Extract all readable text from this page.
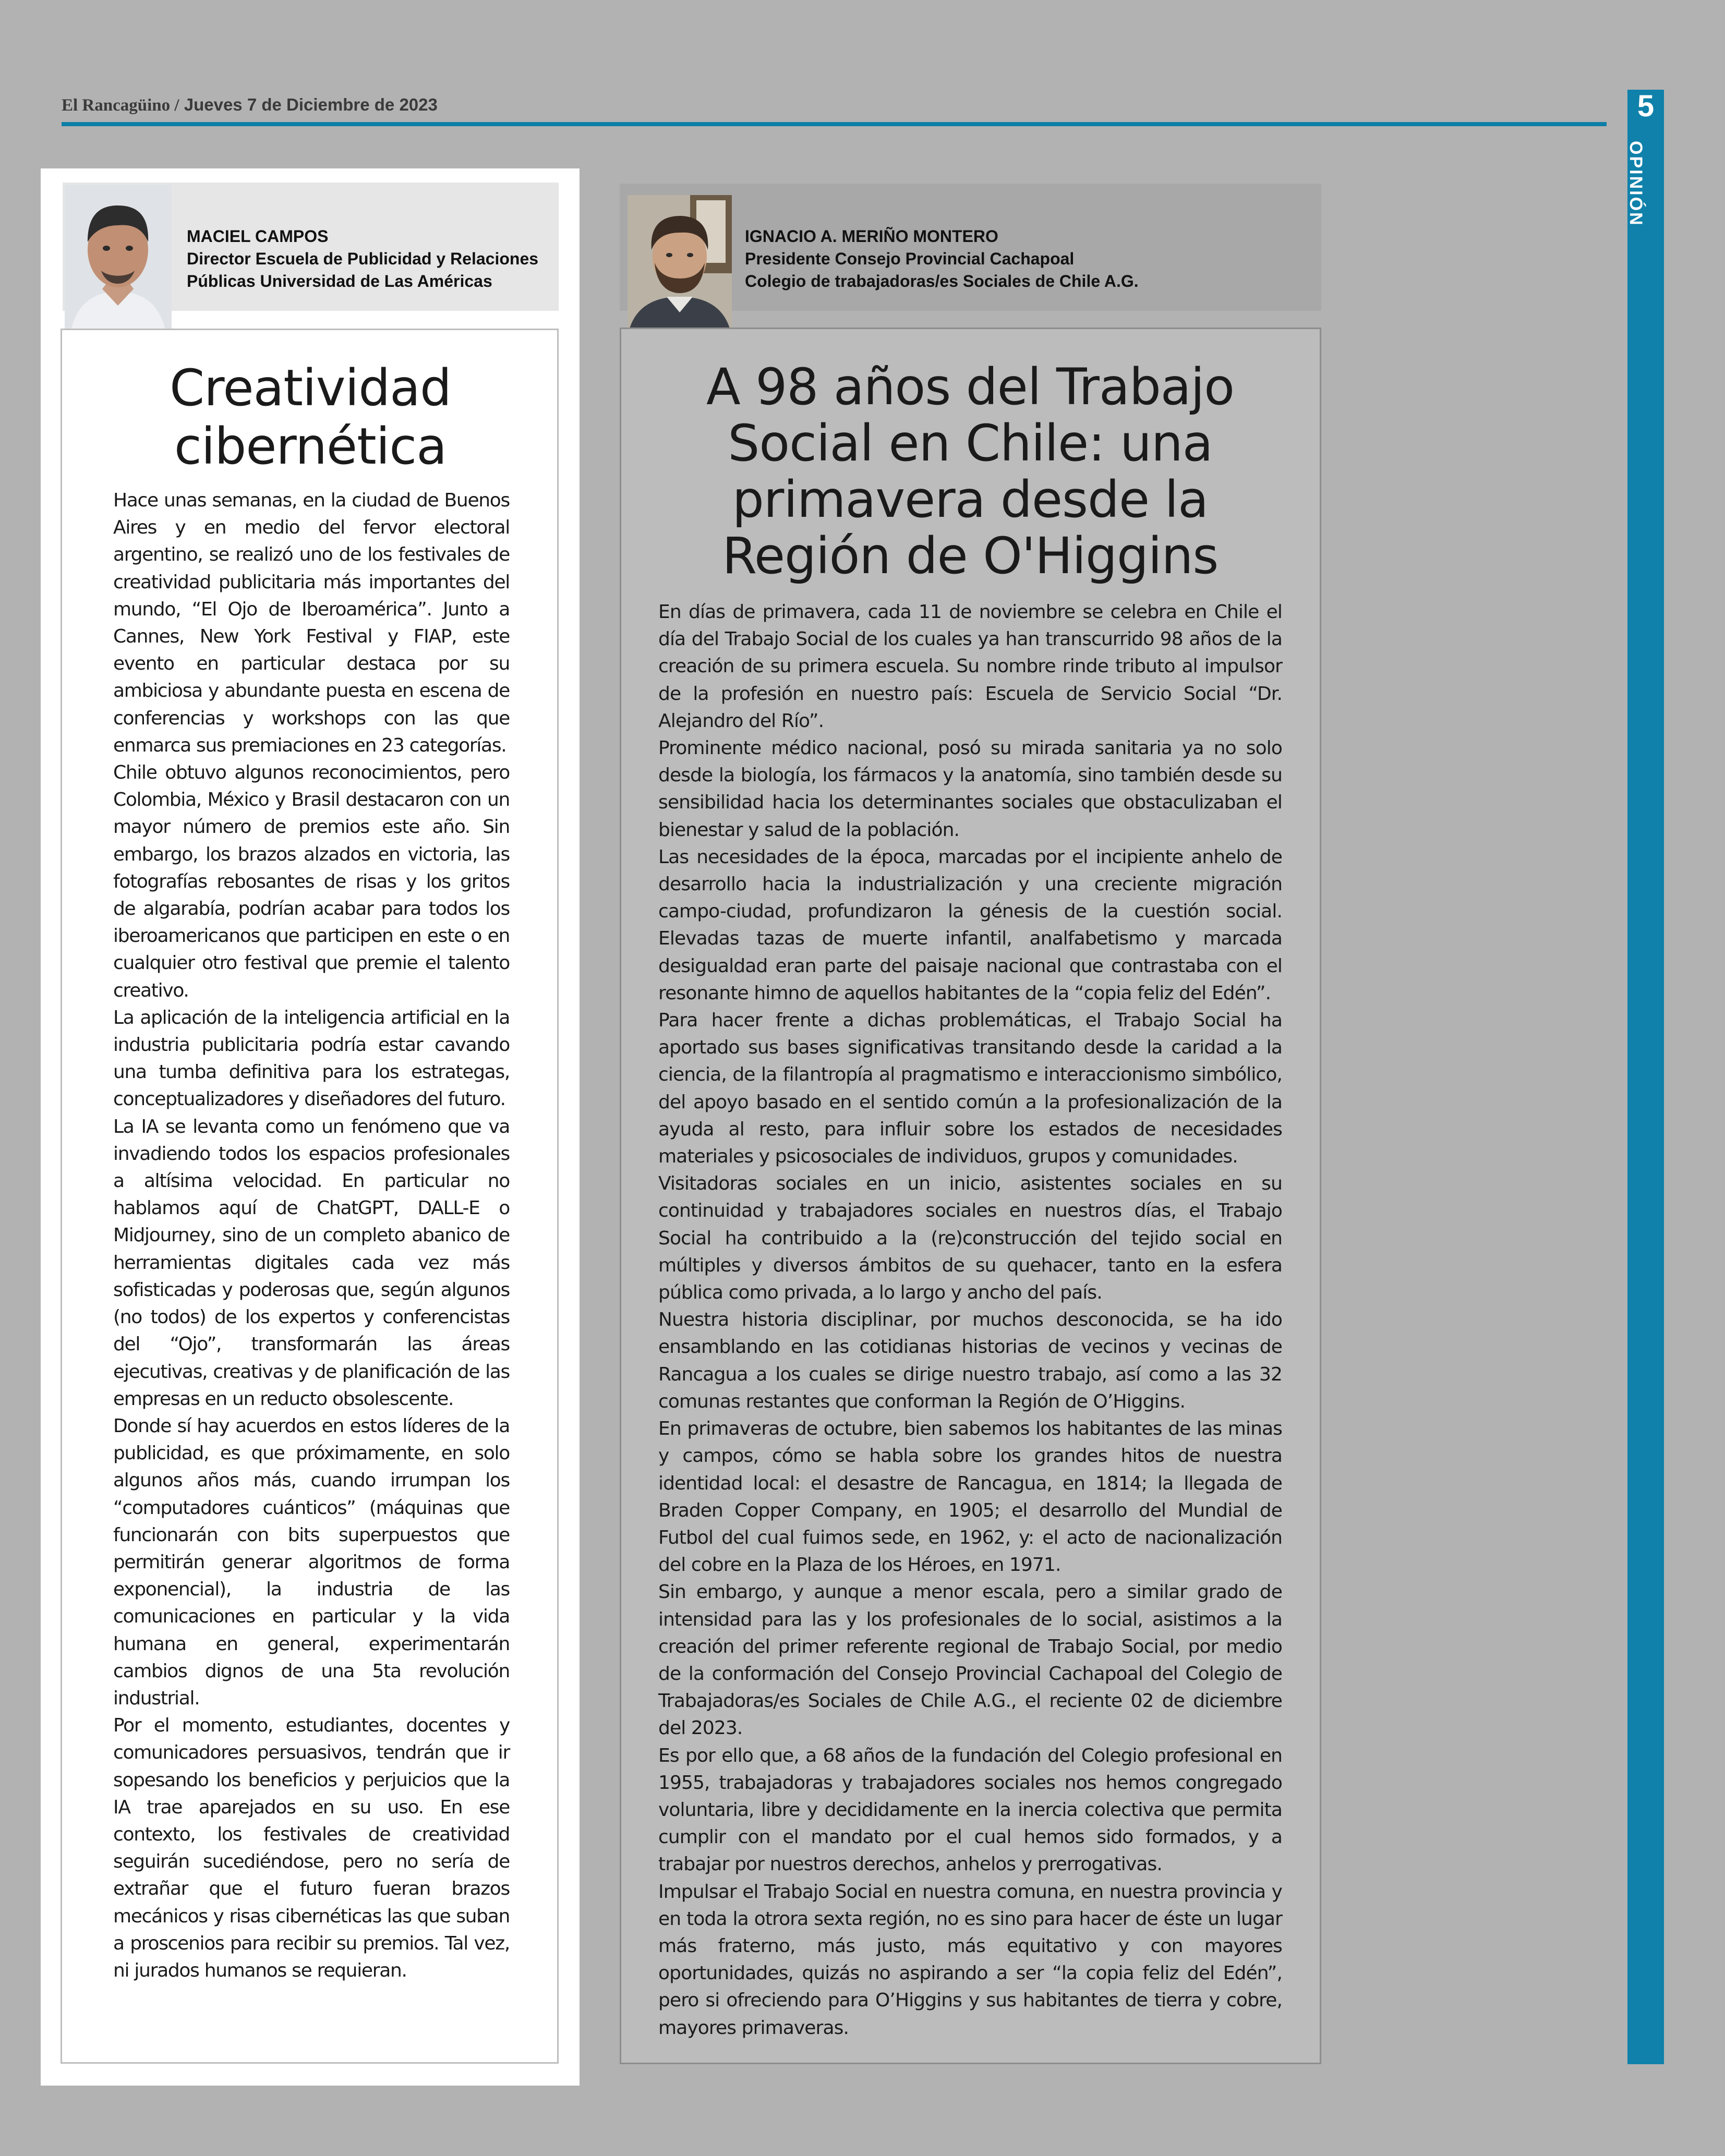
El Rancagüino / Jueves 7 de Diciembre de 2023	5
OPINIÓN
MACIEL CAMPOS
Director Escuela de Publicidad y Relaciones
Públicas Universidad de Las Américas
Creatividad
cibernética

Hace unas semanas, en la ciudad de Buenos Aires y en medio del fervor electoral argentino, se realizó uno de los festivales de creatividad publicitaria más importantes del mundo, “El Ojo de Iberoamérica”. Junto a Cannes, New York Festival y FIAP, este evento en particular destaca por su ambiciosa y abundante puesta en escena de conferencias y workshops con las que enmarca sus premiaciones en 23 categorías.

Chile obtuvo algunos reconocimientos, pero Colombia, México y Brasil destacaron con un mayor número de premios este año. Sin embargo, los brazos alzados en victoria, las fotografías rebosantes de risas y los gritos de algarabía, podrían acabar para todos los iberoamericanos que participen en este o en cualquier otro festival que premie el talento creativo.

La aplicación de la inteligencia artificial en la industria publicitaria podría estar cavando una tumba definitiva para los estrategas, conceptualizadores y diseñadores del futuro.

La IA se levanta como un fenómeno que va invadiendo todos los espacios profesionales a altísima velocidad. En particular no hablamos aquí de ChatGPT, DALL-E o Midjourney, sino de un completo abanico de herramientas digitales cada vez más sofisticadas y poderosas que, según algunos (no todos) de los expertos y conferencistas del “Ojo”, transformarán las áreas ejecutivas, creativas y de planificación de las empresas en un reducto obsolescente.

Donde sí hay acuerdos en estos líderes de la publicidad, es que próximamente, en solo algunos años más, cuando irrumpan los “computadores cuánticos” (máquinas que funcionarán con bits superpuestos que permitirán generar algoritmos de forma exponencial), la industria de las comunicaciones en particular y la vida humana en general, experimentarán cambios dignos de una 5ta revolución industrial.

Por el momento, estudiantes, docentes y comunicadores persuasivos, tendrán que ir sopesando los beneficios y perjuicios que la IA trae aparejados en su uso. En ese contexto, los festivales de creatividad seguirán sucediéndose, pero no sería de extrañar que el futuro fueran brazos mecánicos y risas cibernéticas las que suban a proscenios para recibir su premios. Tal vez, ni jurados humanos se requieran.

IGNACIO A. MERIÑO MONTERO
Presidente Consejo Provincial Cachapoal
Colegio de trabajadoras/es Sociales de Chile A.G.
A 98 años del Trabajo
Social en Chile: una
primavera desde la
Región de O'Higgins

En días de primavera, cada 11 de noviembre se celebra en Chile el día del Trabajo Social de los cuales ya han transcurrido 98 años de la creación de su primera escuela. Su nombre rinde tributo al impulsor de la profesión en nuestro país: Escuela de Servicio Social “Dr. Alejandro del Río”.

Prominente médico nacional, posó su mirada sanitaria ya no solo desde la biología, los fármacos y la anatomía, sino también desde su sensibilidad hacia los determinantes sociales que obstaculizaban el bienestar y salud de la población.

Las necesidades de la época, marcadas por el incipiente anhelo de desarrollo hacia la industrialización y una creciente migración campo-ciudad, profundizaron la génesis de la cuestión social. Elevadas tazas de muerte infantil, analfabetismo y marcada desigualdad eran parte del paisaje nacional que contrastaba con el resonante himno de aquellos habitantes de la “copia feliz del Edén”.

Para hacer frente a dichas problemáticas, el Trabajo Social ha aportado sus bases significativas transitando desde la caridad a la ciencia, de la filantropía al pragmatismo e interaccionismo simbólico, del apoyo basado en el sentido común a la profesionalización de la ayuda al resto, para influir sobre los estados de necesidades materiales y psicosociales de individuos, grupos y comunidades.

Visitadoras sociales en un inicio, asistentes sociales en su continuidad y trabajadores sociales en nuestros días, el Trabajo Social ha contribuido a la (re)construcción del tejido social en múltiples y diversos ámbitos de su quehacer, tanto en la esfera pública como privada, a lo largo y ancho del país.

Nuestra historia disciplinar, por muchos desconocida, se ha ido ensamblando en las cotidianas historias de vecinos y vecinas de Rancagua a los cuales se dirige nuestro trabajo, así como a las 32 comunas restantes que conforman la Región de O’Higgins.

En primaveras de octubre, bien sabemos los habitantes de las minas y campos, cómo se habla sobre los grandes hitos de nuestra identidad local: el desastre de Rancagua, en 1814; la llegada de Braden Copper Company, en 1905; el desarrollo del Mundial de Futbol del cual fuimos sede, en 1962, y: el acto de nacionalización del cobre en la Plaza de los Héroes, en 1971.

Sin embargo, y aunque a menor escala, pero a similar grado de intensidad para las y los profesionales de lo social, asistimos a la creación del primer referente regional de Trabajo Social, por medio de la conformación del Consejo Provincial Cachapoal del Colegio de Trabajadoras/es Sociales de Chile A.G., el reciente 02 de diciembre del 2023.

Es por ello que, a 68 años de la fundación del Colegio profesional en 1955, trabajadoras y trabajadores sociales nos hemos congregado voluntaria, libre y decididamente en la inercia colectiva que permita cumplir con el mandato por el cual hemos sido formados, y a trabajar por nuestros derechos, anhelos y prerrogativas.

Impulsar el Trabajo Social en nuestra comuna, en nuestra provincia y en toda la otrora sexta región, no es sino para hacer de éste un lugar más fraterno, más justo, más equitativo y con mayores oportunidades, quizás no aspirando a ser “la copia feliz del Edén”, pero si ofreciendo para O’Higgins y sus habitantes de tierra y cobre, mayores primaveras.
